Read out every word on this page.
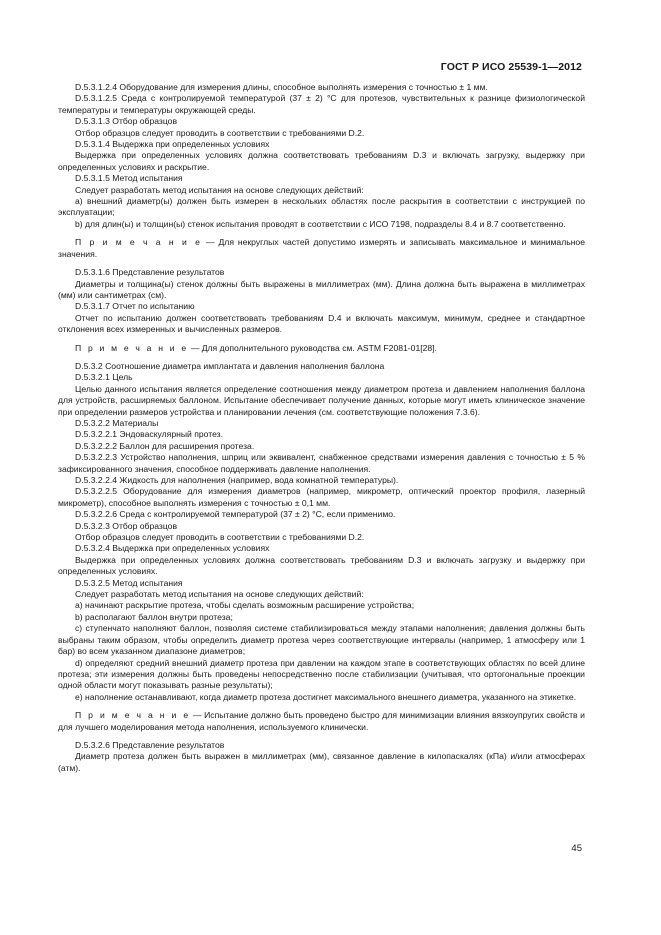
ГОСТ Р ИСО 25539-1—2012

D.5.3.1.2.4 Оборудование для измерения длины, способное выполнять измерения с точностью ± 1 мм.

D.5.3.1.2.5 Среда с контролируемой температурой (37 ± 2) °C для протезов, чувствительных к разнице физиологической температуры и температуры окружающей среды.

D.5.3.1.3 Отбор образцов

Отбор образцов следует проводить в соответствии с требованиями D.2.

D.5.3.1.4 Выдержка при определенных условиях

Выдержка при определенных условиях должна соответствовать требованиям D.3 и включать загрузку, выдержку при определенных условиях и раскрытие.

D.5.3.1.5 Метод испытания

Следует разработать метод испытания на основе следующих действий:

a) внешний диаметр(ы) должен быть измерен в нескольких областях после раскрытия в соответствии с инструкцией по эксплуатации;

b) для длин(ы) и толщин(ы) стенок испытания проводят в соответствии с ИСО 7198, подразделы 8.4 и 8.7 соответственно.

П р и м е ч а н и е — Для некруглых частей допустимо измерять и записывать максимальное и минимальное значения.

D.5.3.1.6 Представление результатов

Диаметры и толщина(ы) стенок должны быть выражены в миллиметрах (мм). Длина должна быть выражена в миллиметрах (мм) или сантиметрах (см).

D.5.3.1.7 Отчет по испытанию

Отчет по испытанию должен соответствовать требованиям D.4 и включать максимум, минимум, среднее и стандартное отклонения всех измеренных и вычисленных размеров.

П р и м е ч а н и е — Для дополнительного руководства см. ASTM F2081-01[28].

D.5.3.2 Соотношение диаметра имплантата и давления наполнения баллона

D.5.3.2.1 Цель

Целью данного испытания является определение соотношения между диаметром протеза и давлением наполнения баллона для устройств, расширяемых баллоном. Испытание обеспечивает получение данных, которые могут иметь клиническое значение при определении размеров устройства и планировании лечения (см. соответствующие положения 7.3.6).

D.5.3.2.2 Материалы

D.5.3.2.2.1 Эндоваскулярный протез.

D.5.3.2.2.2 Баллон для расширения протеза.

D.5.3.2.2.3 Устройство наполнения, шприц или эквивалент, снабженное средствами измерения давления с точностью ± 5 % зафиксированного значения, способное поддерживать давление наполнения.

D.5.3.2.2.4 Жидкость для наполнения (например, вода комнатной температуры).

D.5.3.2.2.5 Оборудование для измерения диаметров (например, микрометр, оптический проектор профиля, лазерный микрометр), способное выполнять измерения с точностью ± 0,1 мм.

D.5.3.2.2.6 Среда с контролируемой температурой (37 ± 2) °C, если применимо.

D.5.3.2.3 Отбор образцов

Отбор образцов следует проводить в соответствии с требованиями D.2.

D.5.3.2.4 Выдержка при определенных условиях

Выдержка при определенных условиях должна соответствовать требованиям D.3 и включать загрузку и выдержку при определенных условиях.

D.5.3.2.5 Метод испытания

Следует разработать метод испытания на основе следующих действий:

a) начинают раскрытие протеза, чтобы сделать возможным расширение устройства;

b) располагают баллон внутри протеза;

c) ступенчато наполняют баллон, позволяя системе стабилизироваться между этапами наполнения; давления должны быть выбраны таким образом, чтобы определить диаметр протеза через соответствующие интервалы (например, 1 атмосферу или 1 бар) во всем указанном диапазоне диаметров;

d) определяют средний внешний диаметр протеза при давлении на каждом этапе в соответствующих областях по всей длине протеза; эти измерения должны быть проведены непосредственно после стабилизации (учитывая, что ортогональные проекции одной области могут показывать разные результаты);

e) наполнение останавливают, когда диаметр протеза достигнет максимального внешнего диаметра, указанного на этикетке.

П р и м е ч а н и е — Испытание должно быть проведено быстро для минимизации влияния вязкоупругих свойств и для лучшего моделирования метода наполнения, используемого клинически.

D.5.3.2.6 Представление результатов

Диаметр протеза должен быть выражен в миллиметрах (мм), связанное давление в килопаскалях (кПа) и/или атмосферах (атм).

45
